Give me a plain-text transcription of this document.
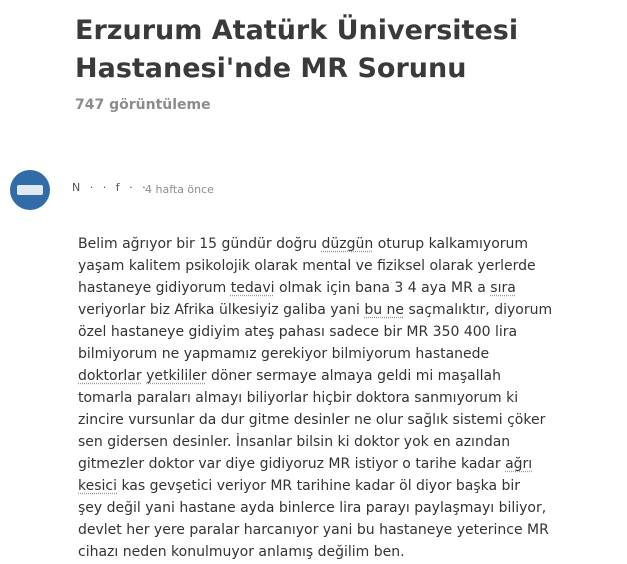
Erzurum Atatürk Üniversitesi Hastanesi'nde MR Sorunu
747 görüntüleme
N · · f · ·
4 hafta önce
Belim ağrıyor bir 15 gündür doğru düzgün oturup kalkamıyorum
yaşam kalitem psikolojik olarak mental ve fiziksel olarak yerlerde
hastaneye gidiyorum tedavi olmak için bana 3 4 aya MR a sıra
veriyorlar biz Afrika ülkesiyiz galiba yani bu ne saçmalıktır, diyorum
özel hastaneye gidiyim ateş pahası sadece bir MR 350 400 lira
bilmiyorum ne yapmamız gerekiyor bilmiyorum hastanede
doktorlar yetkililer döner sermaye almaya geldi mi maşallah
tomarla paraları almayı biliyorlar hiçbir doktora sanmıyorum ki
zincire vursunlar da dur gitme desinler ne olur sağlık sistemi çöker
sen gidersen desinler. İnsanlar bilsin ki doktor yok en azından
gitmezler doktor var diye gidiyoruz MR istiyor o tarihe kadar ağrı
kesici kas gevşetici veriyor MR tarihine kadar öl diyor başka bir
şey değil yani hastane ayda binlerce lira parayı paylaşmayı biliyor,
devlet her yere paralar harcanıyor yani bu hastaneye yeterince MR
cihazı neden konulmuyor anlamış değilim ben.
